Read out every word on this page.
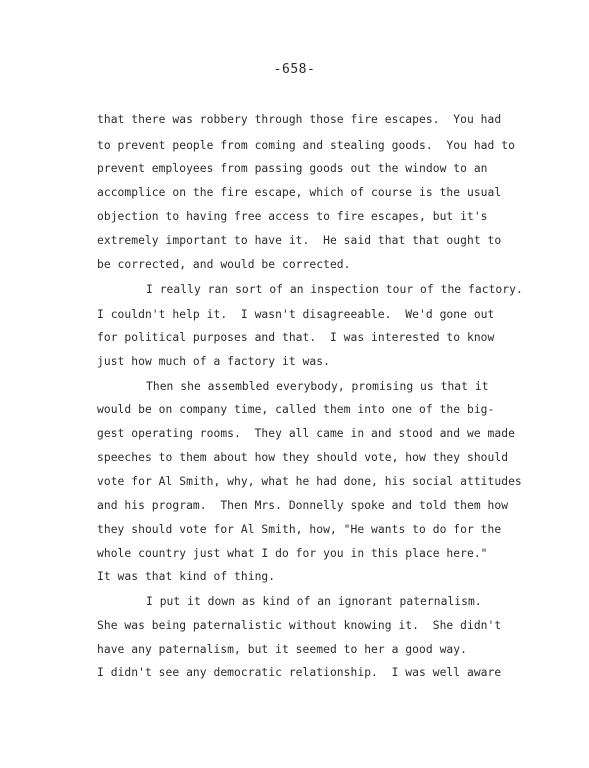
-658-
that there was robbery through those fire escapes.  You had
to prevent people from coming and stealing goods.  You had to
prevent employees from passing goods out the window to an
accomplice on the fire escape, which of course is the usual
objection to having free access to fire escapes, but it's
extremely important to have it.  He said that that ought to
be corrected, and would be corrected.
I really ran sort of an inspection tour of the factory.
I couldn't help it.  I wasn't disagreeable.  We'd gone out
for political purposes and that.  I was interested to know
just how much of a factory it was.
Then she assembled everybody, promising us that it
would be on company time, called them into one of the big-
gest operating rooms.  They all came in and stood and we made
speeches to them about how they should vote, how they should
vote for Al Smith, why, what he had done, his social attitudes
and his program.  Then Mrs. Donnelly spoke and told them how
they should vote for Al Smith, how, "He wants to do for the
whole country just what I do for you in this place here."
It was that kind of thing.
I put it down as kind of an ignorant paternalism.
She was being paternalistic without knowing it.  She didn't
have any paternalism, but it seemed to her a good way.
I didn't see any democratic relationship.  I was well aware
